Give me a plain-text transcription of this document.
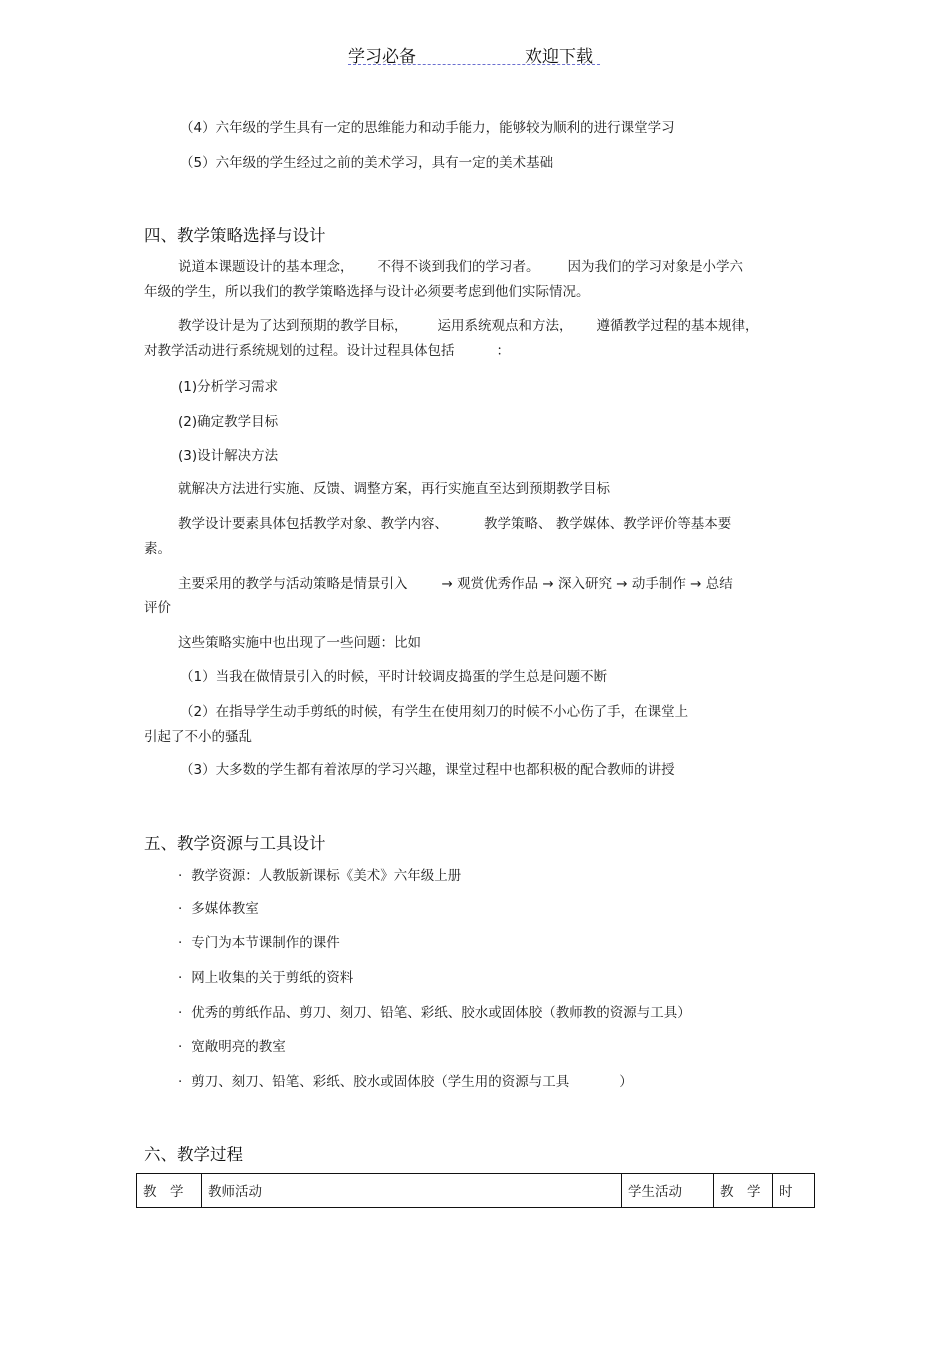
学习必备	欢迎下载
（4）六年级的学生具有一定的思维能力和动手能力，能够较为顺利的进行课堂学习
（5）六年级的学生经过之前的美术学习，具有一定的美术基础
四、教学策略选择与设计
说道本课题设计的基本理念， 不得不谈到我们的学习者。 因为我们的学习对象是小学六
年级的学生，所以我们的教学策略选择与设计必须要考虑到他们实际情况。
教学设计是为了达到预期的教学目标， 运用系统观点和方法， 遵循教学过程的基本规律，
对教学活动进行系统规划的过程。设计过程具体包括	：
(1)分析学习需求
(2)确定教学目标
(3)设计解决方法
就解决方法进行实施、反馈、调整方案，再行实施直至达到预期教学目标
教学设计要素具体包括教学对象、教学内容、	教学策略、 教学媒体、教学评价等基本要
素。
主要采用的教学与活动策略是情景引入	→ 观赏优秀作品 → 深入研究 → 动手制作 → 总结
评价
这些策略实施中也出现了一些问题：比如
（1）当我在做情景引入的时候，平时计较调皮捣蛋的学生总是问题不断
（2）在指导学生动手剪纸的时候，有学生在使用刻刀的时候不小心伤了手，在课堂上
引起了不小的骚乱
（3）大多数的学生都有着浓厚的学习兴趣，课堂过程中也都积极的配合教师的讲授
五、教学资源与工具设计
· 教学资源：人教版新课标《美术》六年级上册
· 多媒体教室
· 专门为本节课制作的课件
· 网上收集的关于剪纸的资料
· 优秀的剪纸作品、剪刀、刻刀、铅笔、彩纸、胶水或固体胶（教师教的资源与工具）
· 宽敞明亮的教室
· 剪刀、刻刀、铅笔、彩纸、胶水或固体胶（学生用的资源与工具	）
六、教学过程
教　学	教师活动	学生活动	教　学	时
